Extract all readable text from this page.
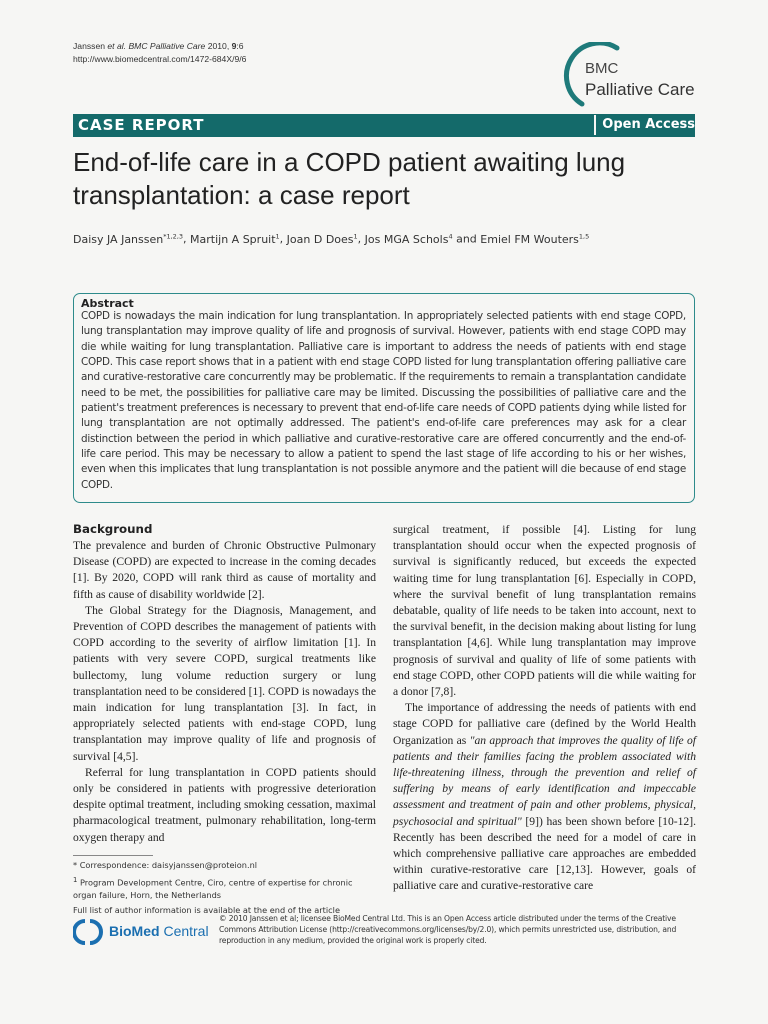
Janssen et al. BMC Palliative Care 2010, 9:6
http://www.biomedcentral.com/1472-684X/9/6
BMC
Palliative Care
CASE REPORT	Open Access
End-of-life care in a COPD patient awaiting lung transplantation: a case report
Daisy JA Janssen$^{*1,2,3}$, Martijn A Spruit$^1$, Joan D Does$^1$, Jos MGA Schols$^4$ and Emiel FM Wouters$^{1,5}$
Abstract
COPD is nowadays the main indication for lung transplantation. In appropriately selected patients with end stage COPD, lung transplantation may improve quality of life and prognosis of survival. However, patients with end stage COPD may die while waiting for lung transplantation. Palliative care is important to address the needs of patients with end stage COPD. This case report shows that in a patient with end stage COPD listed for lung transplantation offering palliative care and curative-restorative care concurrently may be problematic. If the requirements to remain a transplantation candidate need to be met, the possibilities for palliative care may be limited. Discussing the possibilities of palliative care and the patient's treatment preferences is necessary to prevent that end-of-life care needs of COPD patients dying while listed for lung transplantation are not optimally addressed. The patient's end-of-life care preferences may ask for a clear distinction between the period in which palliative and curative-restorative care are offered concurrently and the end-of-life care period. This may be necessary to allow a patient to spend the last stage of life according to his or her wishes, even when this implicates that lung transplantation is not possible anymore and the patient will die because of end stage COPD.
Background

The prevalence and burden of Chronic Obstructive Pulmonary Disease (COPD) are expected to increase in the coming decades [1]. By 2020, COPD will rank third as cause of mortality and fifth as cause of disability worldwide [2].

The Global Strategy for the Diagnosis, Management, and Prevention of COPD describes the management of patients with COPD according to the severity of airflow limitation [1]. In patients with very severe COPD, surgical treatments like bullectomy, lung volume reduction surgery or lung transplantation need to be considered [1]. COPD is nowadays the main indication for lung transplantation [3]. In fact, in appropriately selected patients with end-stage COPD, lung transplantation may improve quality of life and prognosis of survival [4,5].

Referral for lung transplantation in COPD patients should only be considered in patients with progressive deterioration despite optimal treatment, including smoking cessation, maximal pharmacological treatment, pulmonary rehabilitation, long-term oxygen therapy and

surgical treatment, if possible [4]. Listing for lung transplantation should occur when the expected prognosis of survival is significantly reduced, but exceeds the expected waiting time for lung transplantation [6]. Especially in COPD, where the survival benefit of lung transplantation remains debatable, quality of life needs to be taken into account, next to the survival benefit, in the decision making about listing for lung transplantation [4,6]. While lung transplantation may improve prognosis of survival and quality of life of some patients with end stage COPD, other COPD patients will die while waiting for a donor [7,8].

The importance of addressing the needs of patients with end stage COPD for palliative care (defined by the World Health Organization as "an approach that improves the quality of life of patients and their families facing the problem associated with life-threatening illness, through the prevention and relief of suffering by means of early identification and impeccable assessment and treatment of pain and other problems, physical, psychosocial and spiritual" [9]) has been shown before [10-12]. Recently has been described the need for a model of care in which comprehensive palliative care approaches are embedded within curative-restorative care [12,13]. However, goals of palliative care and curative-restorative care

* Correspondence: daisyjanssen@proteion.nl

$^1$ Program Development Centre, Ciro, centre of expertise for chronic organ failure, Horn, the Netherlands

Full list of author information is available at the end of the article

BioMed Central
© 2010 Janssen et al; licensee BioMed Central Ltd. This is an Open Access article distributed under the terms of the Creative Commons Attribution License (http://creativecommons.org/licenses/by/2.0), which permits unrestricted use, distribution, and reproduction in any medium, provided the original work is properly cited.
